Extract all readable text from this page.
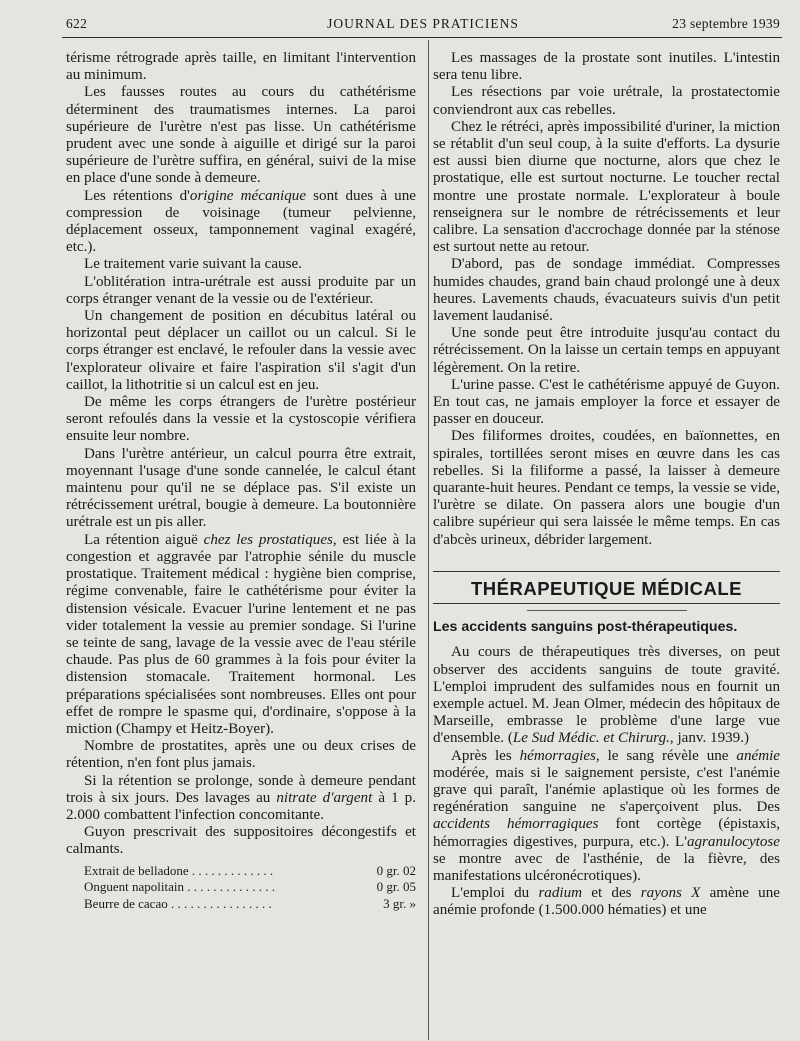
622	JOURNAL DES PRATICIENS	23 septembre 1939

térisme rétrograde après taille, en limitant l'intervention au minimum.

Les fausses routes au cours du cathétérisme déterminent des traumatismes internes. La paroi supérieure de l'urètre n'est pas lisse. Un cathétérisme prudent avec une sonde à aiguille et dirigé sur la paroi supérieure de l'urètre suffira, en général, suivi de la mise en place d'une sonde à demeure.

Les rétentions d'origine mécanique sont dues à une compression de voisinage (tumeur pelvienne, déplacement osseux, tamponnement vaginal exagéré, etc.).

Le traitement varie suivant la cause.

L'oblitération intra-urétrale est aussi produite par un corps étranger venant de la vessie ou de l'extérieur.

Un changement de position en décubitus latéral ou horizontal peut déplacer un caillot ou un calcul. Si le corps étranger est enclavé, le refouler dans la vessie avec l'explorateur olivaire et faire l'aspiration s'il s'agit d'un caillot, la lithotritie si un calcul est en jeu.

De même les corps étrangers de l'urètre postérieur seront refoulés dans la vessie et la cystoscopie vérifiera ensuite leur nombre.

Dans l'urètre antérieur, un calcul pourra être extrait, moyennant l'usage d'une sonde cannelée, le calcul étant maintenu pour qu'il ne se déplace pas. S'il existe un rétrécissement urétral, bougie à demeure. La boutonnière urétrale est un pis aller.

La rétention aiguë chez les prostatiques, est liée à la congestion et aggravée par l'atrophie sénile du muscle prostatique. Traitement médical : hygiène bien comprise, régime convenable, faire le cathétérisme pour éviter la distension vésicale. Evacuer l'urine lentement et ne pas vider totalement la vessie au premier sondage. Si l'urine se teinte de sang, lavage de la vessie avec de l'eau stérile chaude. Pas plus de 60 grammes à la fois pour éviter la distension stomacale. Traitement hormonal. Les préparations spécialisées sont nombreuses. Elles ont pour effet de rompre le spasme qui, d'ordinaire, s'oppose à la miction (Champy et Heitz-Boyer).

Nombre de prostatites, après une ou deux crises de rétention, n'en font plus jamais.

Si la rétention se prolonge, sonde à demeure pendant trois à six jours. Des lavages au nitrate d'argent à 1 p. 2.000 combattent l'infection concomitante.

Guyon prescrivait des suppositoires décongestifs et calmants.

Extrait de belladone . . . . . . . . . . . . .	0 gr. 02
Onguent napolitain . . . . . . . . . . . . . .	0 gr. 05
Beurre de cacao . . . . . . . . . . . . . . . .	3 gr. »

Les massages de la prostate sont inutiles. L'intestin sera tenu libre.

Les résections par voie urétrale, la prostatectomie conviendront aux cas rebelles.

Chez le rétréci, après impossibilité d'uriner, la miction se rétablit d'un seul coup, à la suite d'efforts. La dysurie est aussi bien diurne que nocturne, alors que chez le prostatique, elle est surtout nocturne. Le toucher rectal montre une prostate normale. L'explorateur à boule renseignera sur le nombre de rétrécissements et leur calibre. La sensation d'accrochage donnée par la sténose est surtout nette au retour.

D'abord, pas de sondage immédiat. Compresses humides chaudes, grand bain chaud prolongé une à deux heures. Lavements chauds, évacuateurs suivis d'un petit lavement laudanisé.

Une sonde peut être introduite jusqu'au contact du rétrécissement. On la laisse un certain temps en appuyant légèrement. On la retire.

L'urine passe. C'est le cathétérisme appuyé de Guyon. En tout cas, ne jamais employer la force et essayer de passer en douceur.

Des filiformes droites, coudées, en baïonnettes, en spirales, tortillées seront mises en œuvre dans les cas rebelles. Si la filiforme a passé, la laisser à demeure quarante-huit heures. Pendant ce temps, la vessie se vide, l'urètre se dilate. On passera alors une bougie d'un calibre supérieur qui sera laissée le même temps. En cas d'abcès urineux, débrider largement.

THÉRAPEUTIQUE MÉDICALE

Les accidents sanguins post-thérapeutiques.

Au cours de thérapeutiques très diverses, on peut observer des accidents sanguins de toute gravité. L'emploi imprudent des sulfamides nous en fournit un exemple actuel. M. Jean Olmer, médecin des hôpitaux de Marseille, embrasse le problème d'une large vue d'ensemble. (Le Sud Médic. et Chirurg., janv. 1939.)

Après les hémorragies, le sang révèle une anémie modérée, mais si le saignement persiste, c'est l'anémie grave qui paraît, l'anémie aplastique où les formes de regénération sanguine ne s'aperçoivent plus. Des accidents hémorragiques font cortège (épistaxis, hémorragies digestives, purpura, etc.). L'agranulocytose se montre avec de l'asthénie, de la fièvre, des manifestations ulcéronécrotiques).

L'emploi du radium et des rayons X amène une anémie profonde (1.500.000 hématies) et une
